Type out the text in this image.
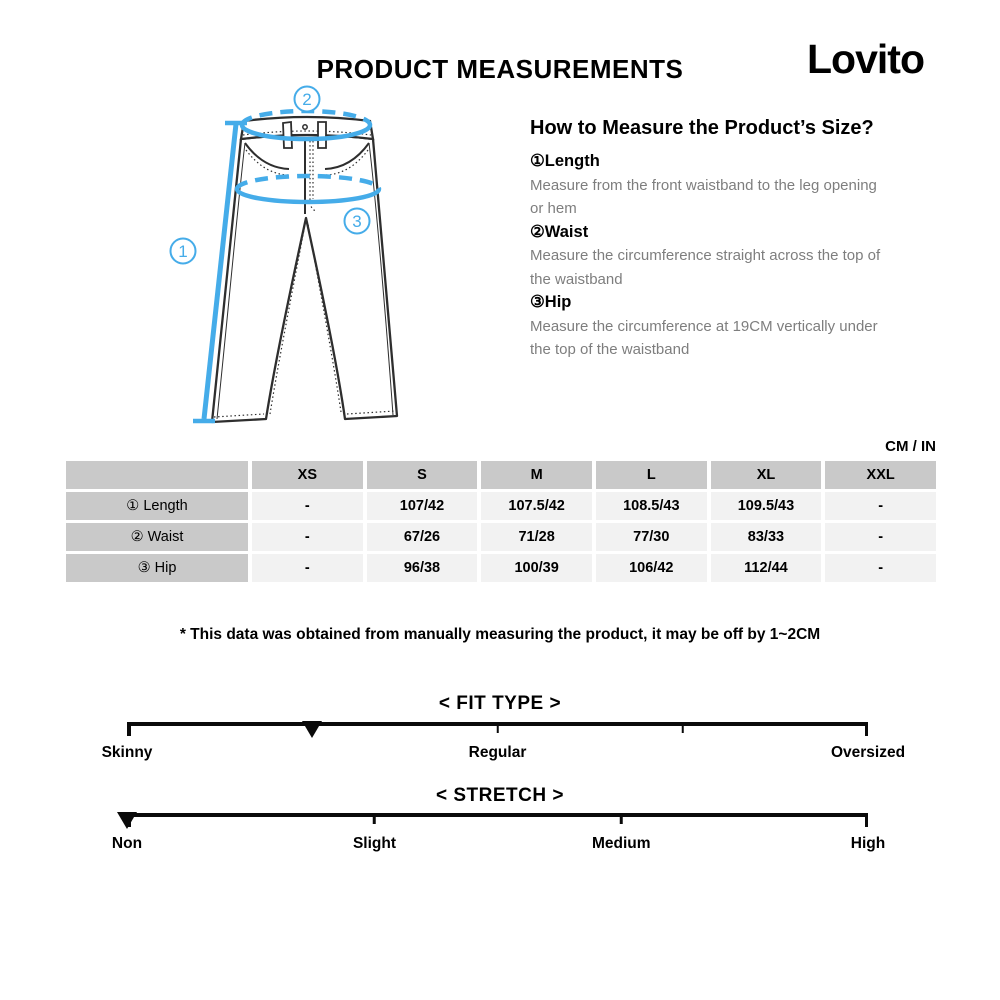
PRODUCT MEASUREMENTS	Lovito
1
2
3
How to Measure the Product’s Size?
①Length
Measure from the front waistband to the leg opening or hem
②Waist
Measure the circumference straight across the top of the waistband
③Hip
Measure the circumference at 19CM vertically under the top of the waistband
CM / IN
	XS	S	M	L	XL	XXL
① Length	-	107/42	107.5/42	108.5/43	109.5/43	-
② Waist	-	67/26	71/28	77/30	83/33	-
③ Hip	-	96/38	100/39	106/42	112/44	-
* This data was obtained from manually measuring the product, it may be off by 1~2CM
< FIT TYPE >
Skinny	Regular	Oversized
< STRETCH >
Non	Slight	Medium	High
